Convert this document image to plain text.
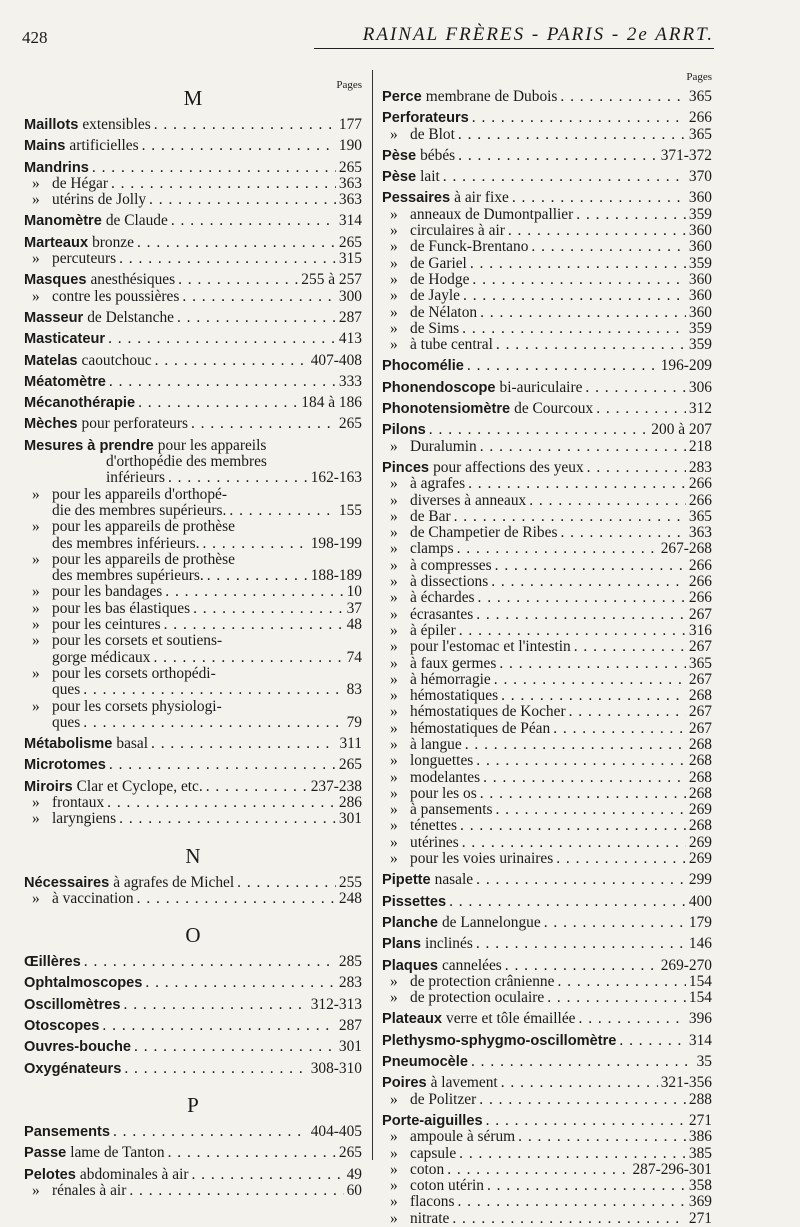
428	RAINAL FRÈRES - PARIS - 2e ARRT.
Pages
M
Maillots extensibles . . .	177
Mains artificielles . . .	190
Mandrins . . .	265
» de Hégar . . .	363
» utérins de Jolly . . .	363
Manomètre de Claude . . .	314
Marteaux bronze . . .	265
» percuteurs . . .	315
Masques anesthésiques . . .	255 à 257
» contre les poussières . . .	300
Masseur de Delstanche . . .	287
Masticateur . . .	413
Matelas caoutchouc . . .	407-408
Méatomètre . . .	333
Mécanothérapie . . .	184 à 186
Mèches pour perforateurs . . .	265
Mesures à prendre pour les appareils
d'orthopédie des membres
inférieurs . . .	162-163
» pour les appareils d'orthopé-
die des membres supérieurs. . . .	155
» pour les appareils de prothèse
des membres inférieurs. . . .	198-199
» pour les appareils de prothèse
des membres supérieurs. . . .	188-189
» pour les bandages . . .	10
» pour les bas élastiques . . .	37
» pour les ceintures . . .	48
» pour les corsets et soutiens-
gorge médicaux . . .	74
» pour les corsets orthopédi-
ques . . .	83
» pour les corsets physiologi-
ques . . .	79
Métabolisme basal . . .	311
Microtomes . . .	265
Miroirs Clar et Cyclope, etc. . . .	237-238
» frontaux . . .	286
» laryngiens . . .	301
N
Nécessaires à agrafes de Michel . . .	255
» à vaccination . . .	248
O
Œillères . . .	285
Ophtalmoscopes . . .	283
Oscillomètres . . .	312-313
Otoscopes . . .	287
Ouvres-bouche . . .	301
Oxygénateurs . . .	308-310
P
Pansements . . .	404-405
Passe lame de Tanton . . .	265
Pelotes abdominales à air . . .	49
» rénales à air . . .	60
Pages
Perce membrane de Dubois . . .	365
Perforateurs . . .	266
» de Blot . . .	365
Pèse bébés . . .	371-372
Pèse lait . . .	370
Pessaires à air fixe . . .	360
» anneaux de Dumontpallier . . .	359
» circulaires à air . . .	360
» de Funck-Brentano . . .	360
» de Gariel . . .	359
» de Hodge . . .	360
» de Jayle . . .	360
» de Nélaton . . .	360
» de Sims . . .	359
» à tube central . . .	359
Phocomélie . . .	196-209
Phonendoscope bi-auriculaire . . .	306
Phonotensiomètre de Courcoux . . .	312
Pilons . . .	200 à 207
» Duralumin . . .	218
Pinces pour affections des yeux . . .	283
» à agrafes . . .	266
» diverses à anneaux . . .	266
» de Bar . . .	365
» de Champetier de Ribes . . .	363
» clamps . . .	267-268
» à compresses . . .	266
» à dissections . . .	266
» à échardes . . .	266
» écrasantes . . .	267
» à épiler . . .	316
» pour l'estomac et l'intestin . . .	267
» à faux germes . . .	365
» à hémorragie . . .	267
» hémostatiques . . .	268
» hémostatiques de Kocher . . .	267
» hémostatiques de Péan . . .	267
» à langue . . .	268
» longuettes . . .	268
» modelantes . . .	268
» pour les os . . .	268
» à pansements . . .	269
» ténettes . . .	268
» utérines . . .	269
» pour les voies urinaires . . .	269
Pipette nasale . . .	299
Pissettes . . .	400
Planche de Lannelongue . . .	179
Plans inclinés . . .	146
Plaques cannelées . . .	269-270
» de protection crânienne . . .	154
» de protection oculaire . . .	154
Plateaux verre et tôle émaillée . . .	396
Plethysmo-sphygmo-oscillomètre . . .	314
Pneumocèle . . .	35
Poires à lavement . . .	321-356
» de Politzer . . .	288
Porte-aiguilles . . .	271
» ampoule à sérum . . .	386
» capsule . . .	385
» coton . . .	287-296-301
» coton utérin . . .	358
» flacons . . .	369
» nitrate . . .	271
